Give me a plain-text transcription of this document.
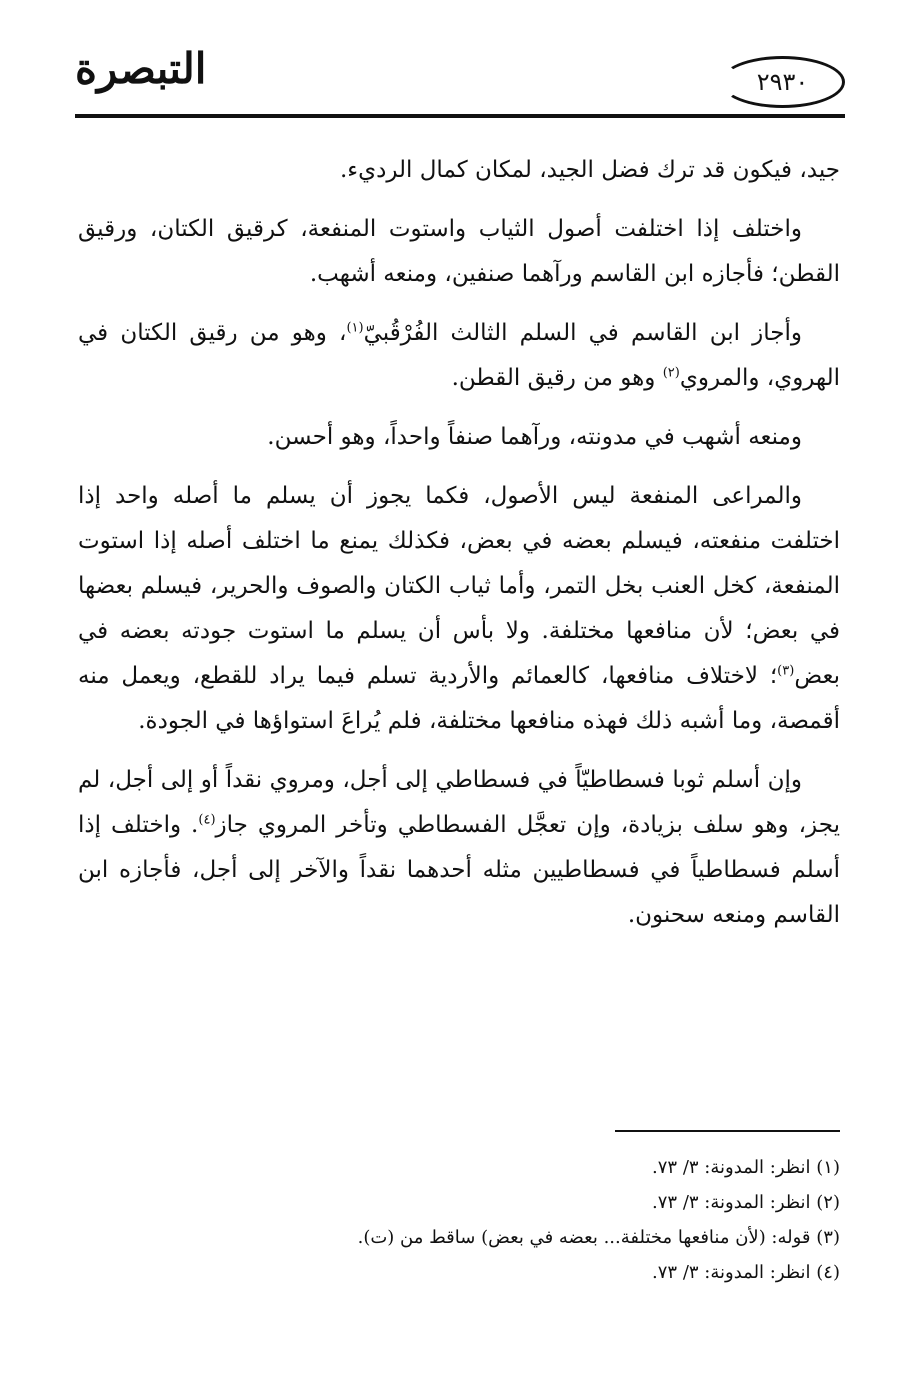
التبصرة	٢٩٣٠

جيد، فيكون قد ترك فضل الجيد، لمكان كمال الرديء.

واختلف إذا اختلفت أصول الثياب واستوت المنفعة، كرقيق الكتان، ورقيق القطن؛ فأجازه ابن القاسم ورآهما صنفين، ومنعه أشهب.

وأجاز ابن القاسم في السلم الثالث الفُرْقُبيّ$^{(١)}$، وهو من رقيق الكتان في الهروي، والمروي$^{(٢)}$ وهو من رقيق القطن.

ومنعه أشهب في مدونته، ورآهما صنفاً واحداً، وهو أحسن.

والمراعى المنفعة ليس الأصول، فكما يجوز أن يسلم ما أصله واحد إذا اختلفت منفعته، فيسلم بعضه في بعض، فكذلك يمنع ما اختلف أصله إذا استوت المنفعة، كخل العنب بخل التمر، وأما ثياب الكتان والصوف والحرير، فيسلم بعضها في بعض؛ لأن منافعها مختلفة. ولا بأس أن يسلم ما استوت جودته بعضه في بعض$^{(٣)}$؛ لاختلاف منافعها، كالعمائم والأردية تسلم فيما يراد للقطع، ويعمل منه أقمصة، وما أشبه ذلك فهذه منافعها مختلفة، فلم يُراعَ استواؤها في الجودة.

وإن أسلم ثوبا فسطاطيّاً في فسطاطي إلى أجل، ومروي نقداً أو إلى أجل، لم يجز، وهو سلف بزيادة، وإن تعجَّل الفسطاطي وتأخر المروي جاز$^{(٤)}$. واختلف إذا أسلم فسطاطياً في فسطاطيين مثله أحدهما نقداً والآخر إلى أجل، فأجازه ابن القاسم ومنعه سحنون.

(١) انظر: المدونة: ٣/ ٧٣.

(٢) انظر: المدونة: ٣/ ٧٣.

(٣) قوله: (لأن منافعها مختلفة... بعضه في بعض) ساقط من (ت).

(٤) انظر: المدونة: ٣/ ٧٣.
